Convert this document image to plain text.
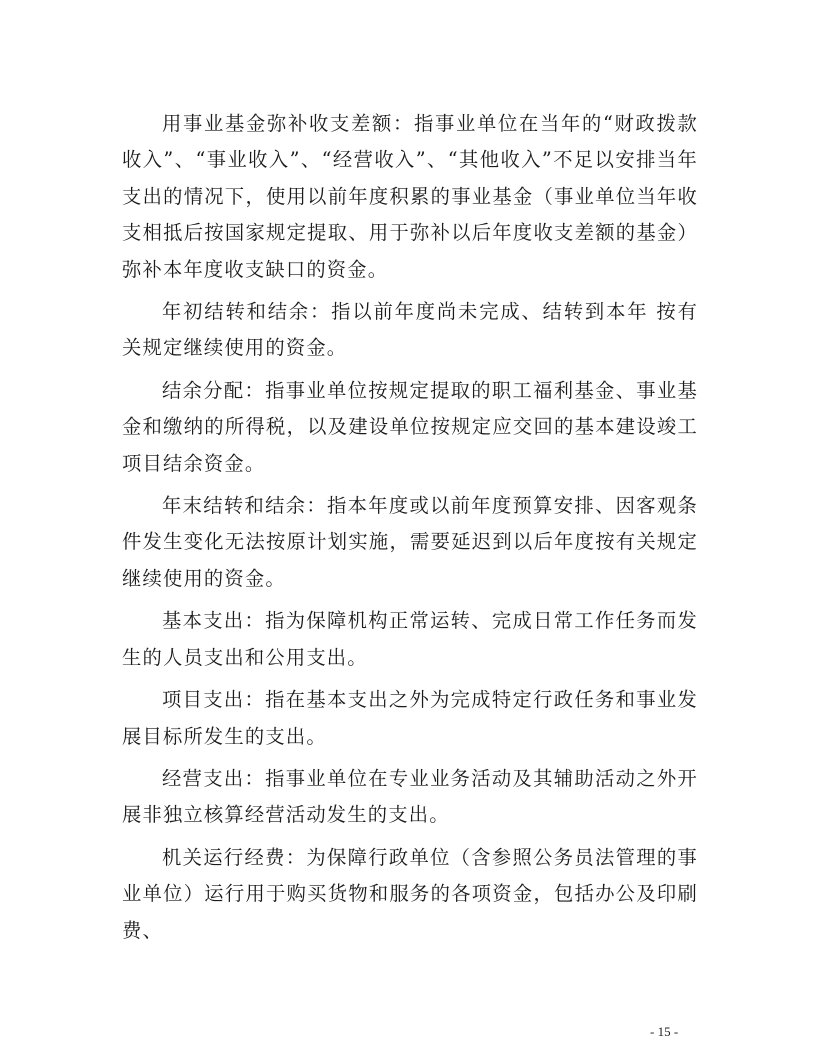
用事业基金弥补收支差额：指事业单位在当年的“财政拨款收入”、“事业收入”、“经营收入”、“其他收入”不足以安排当年支出的情况下，使用以前年度积累的事业基金（事业单位当年收支相抵后按国家规定提取、用于弥补以后年度收支差额的基金）弥补本年度收支缺口的资金。

年初结转和结余：指以前年度尚未完成、结转到本年 按有关规定继续使用的资金。

结余分配：指事业单位按规定提取的职工福利基金、事业基金和缴纳的所得税，以及建设单位按规定应交回的基本建设竣工项目结余资金。

年末结转和结余：指本年度或以前年度预算安排、因客观条件发生变化无法按原计划实施，需要延迟到以后年度按有关规定继续使用的资金。

基本支出：指为保障机构正常运转、完成日常工作任务而发生的人员支出和公用支出。

项目支出：指在基本支出之外为完成特定行政任务和事业发展目标所发生的支出。

经营支出：指事业单位在专业业务活动及其辅助活动之外开展非独立核算经营活动发生的支出。

机关运行经费：为保障行政单位（含参照公务员法管理的事业单位）运行用于购买货物和服务的各项资金，包括办公及印刷费、

- 15 -
